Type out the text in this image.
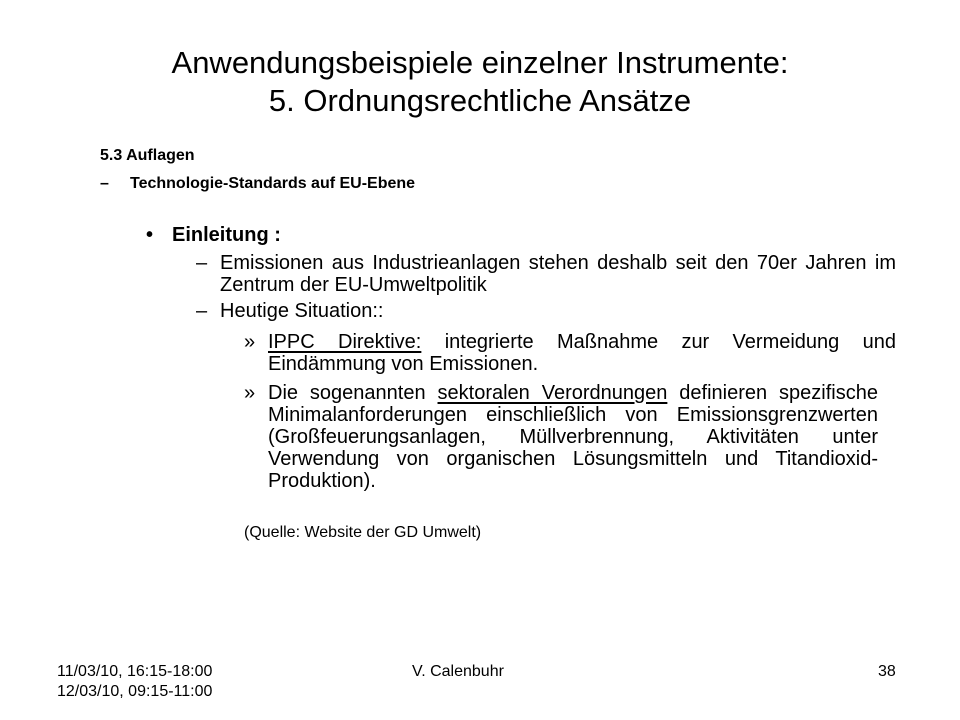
Anwendungsbeispiele einzelner Instrumente:
5. Ordnungsrechtliche Ansätze
5.3 Auflagen
– Technologie-Standards auf EU-Ebene
• Einleitung :
– Emissionen aus Industrieanlagen stehen deshalb seit den 70er Jahren im Zentrum der EU-Umweltpolitik
– Heutige Situation::
» IPPC Direktive: integrierte Maßnahme zur Vermeidung und Eindämmung von Emissionen.
» Die sogenannten sektoralen Verordnungen definieren spezifische Minimalanforderungen einschließlich von Emissionsgrenzwerten (Großfeuerungsanlagen, Müllverbrennung, Aktivitäten unter Verwendung von organischen Lösungsmitteln und Titandioxid-Produktion).
(Quelle: Website der GD Umwelt)
11/03/10, 16:15-18:00
12/03/10, 09:15-11:00
V. Calenbuhr	38
